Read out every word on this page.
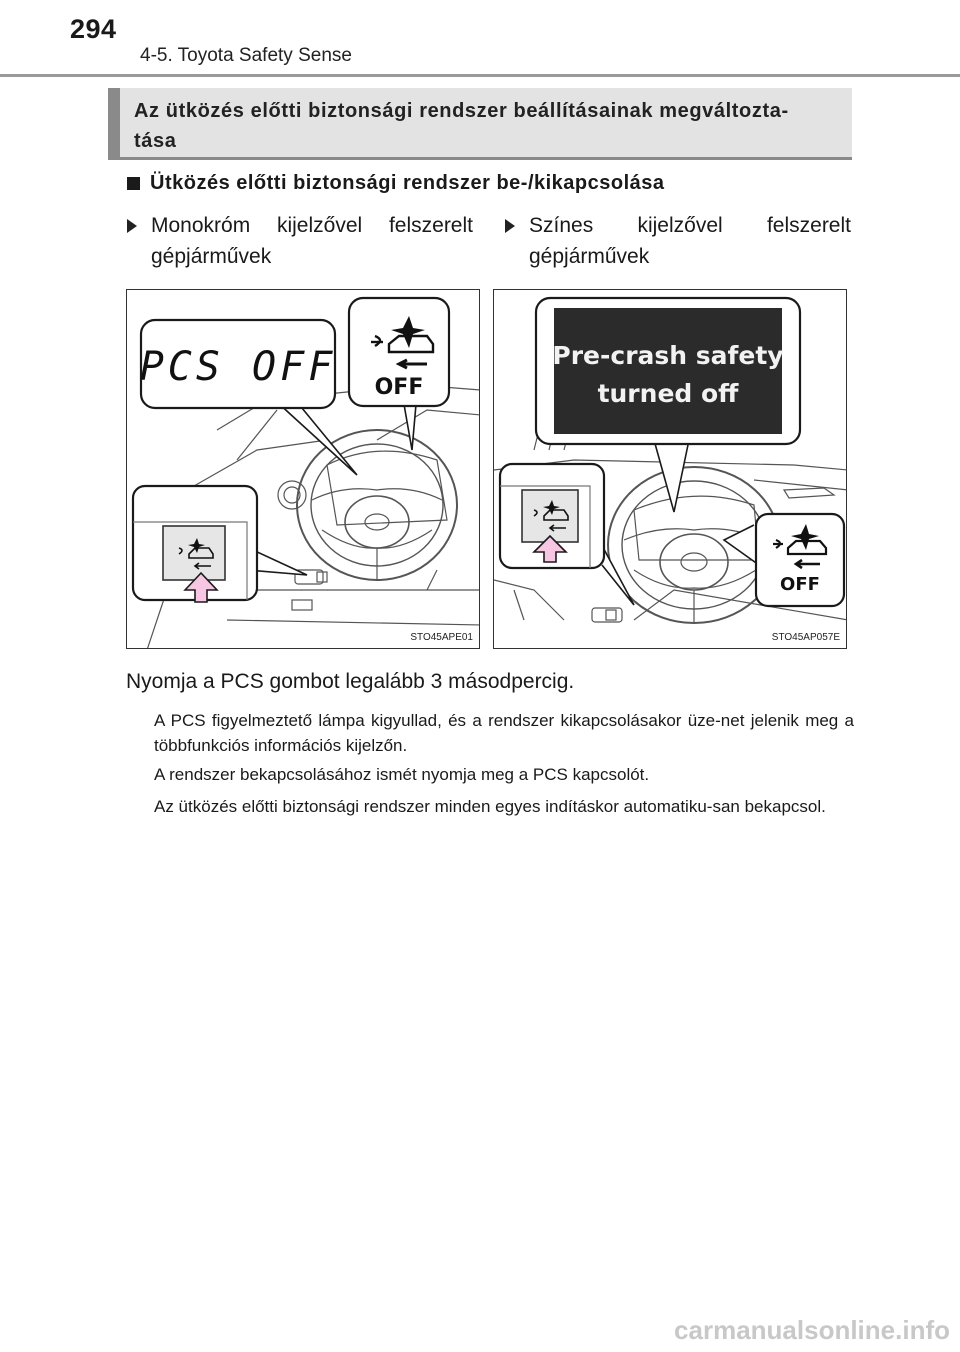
294
4-5. Toyota Safety Sense
Az ütközés előtti biztonsági rendszer beállításainak megváltozta-
tása
Ütközés előtti biztonsági rendszer be-/kikapcsolása
Monokróm kijelzővel felszerelt gépjárművek
Színes kijelzővel felszerelt gépjárművek
PCS OFF OFF
STO45APE01
Pre-crash safety
turned off
OFF
STO45AP057E
Nyomja a PCS gombot legalább 3 másodpercig.
A PCS figyelmeztető lámpa kigyullad, és a rendszer kikapcsolásakor üze-net jelenik meg a többfunkciós információs kijelzőn.
A rendszer bekapcsolásához ismét nyomja meg a PCS kapcsolót.
Az ütközés előtti biztonsági rendszer minden egyes indításkor automatiku-san bekapcsol.
carmanualsonline.info
